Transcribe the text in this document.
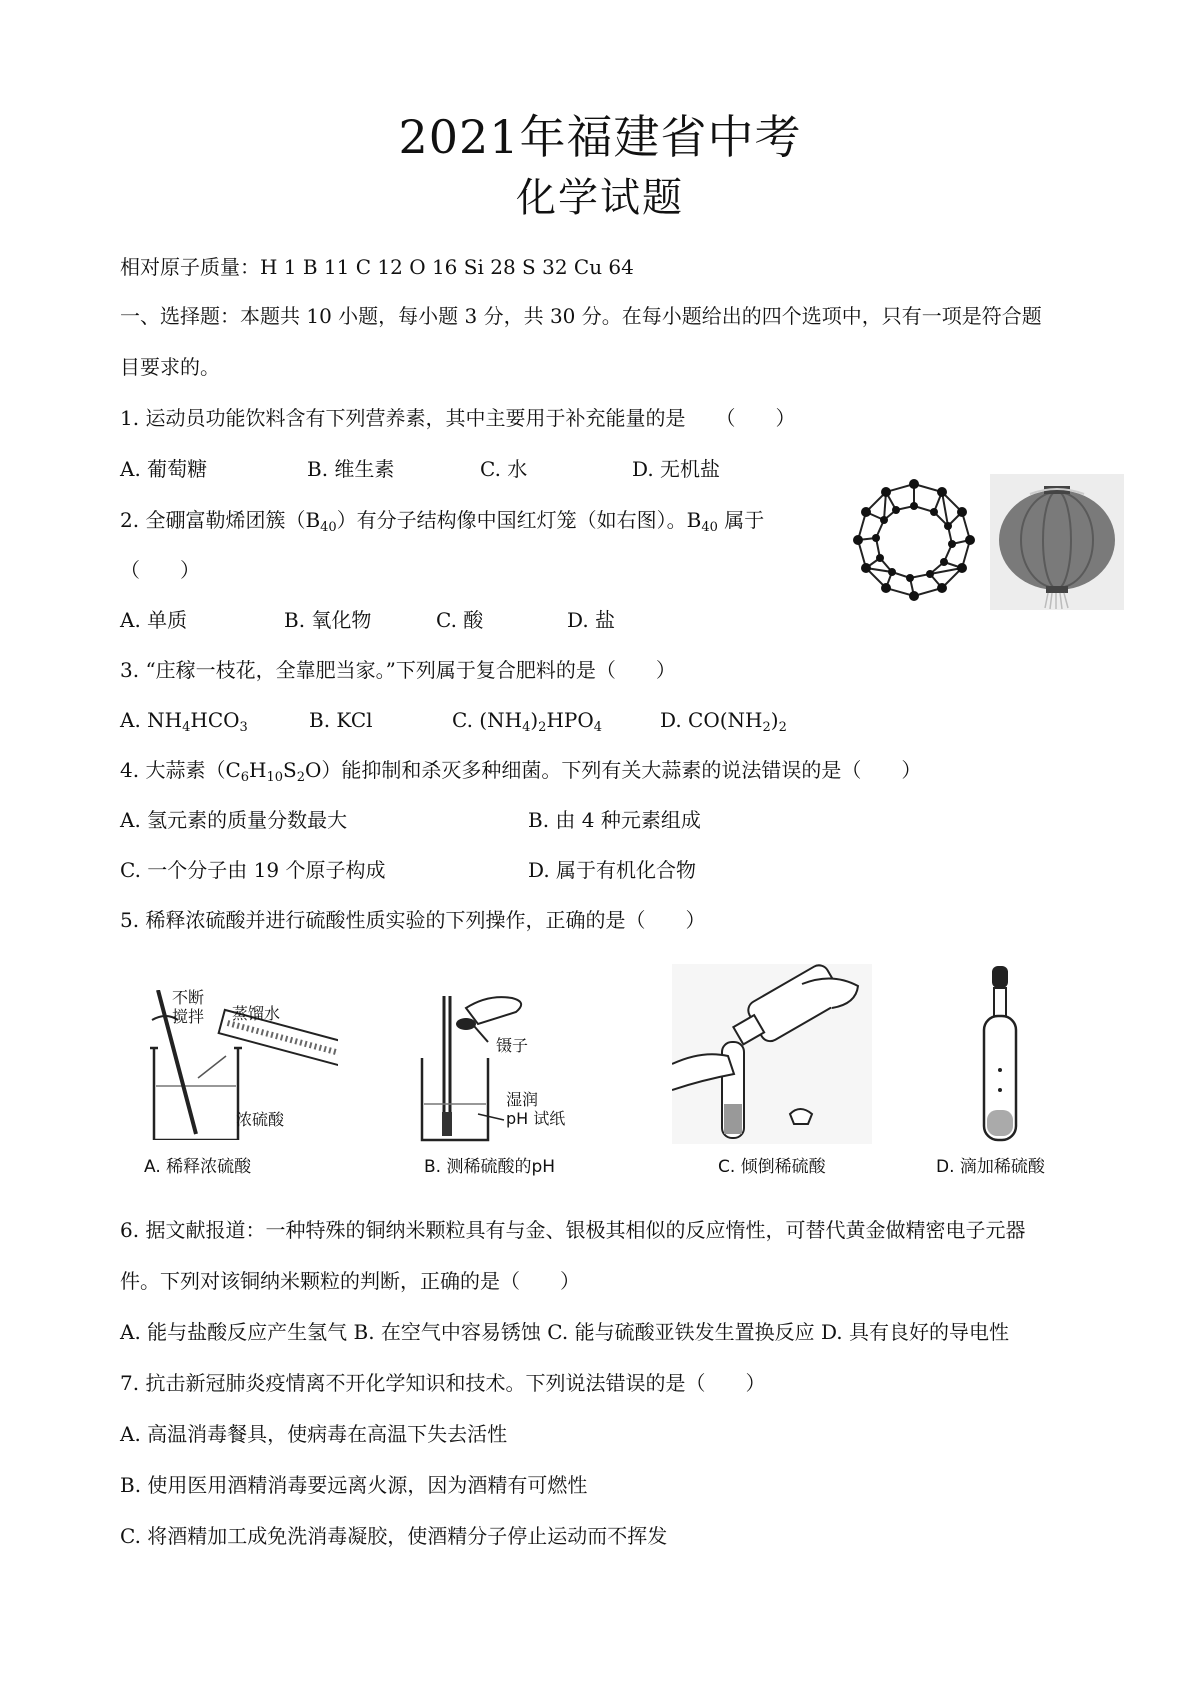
2021年福建省中考
化学试题
相对原子质量：H 1 B 11 C 12 O 16 Si 28 S 32 Cu 64
一、选择题：本题共 10 小题，每小题 3 分，共 30 分。在每小题给出的四个选项中，只有一项是符合题
目要求的。
1. 运动员功能饮料含有下列营养素，其中主要用于补充能量的是　　（　　）
A. 葡萄糖	B. 维生素	C. 水	D. 无机盐
2. 全硼富勒烯团簇$(B_{40})$有分子结构像中国红灯笼（如右图）。$B_{40}$ 属于
（　　）
A. 单质	B. 氧化物	C. 酸	D. 盐
3. “庄稼一枝花，全靠肥当家。”下列属于复合肥料的是（　　）
A. $NH_4HCO_3$	B. KCl	C. $(NH_4)_2HPO_4$	D. $CO(NH_2)_2$
4. 大蒜素$(C_6H_{10}S_2O)$能抑制和杀灭多种细菌。下列有关大蒜素的说法错误的是（　　）
A. 氢元素的质量分数最大	B. 由 4 种元素组成
C. 一个分子由 19 个原子构成	D. 属于有机化合物
5. 稀释浓硫酸并进行硫酸性质实验的下列操作，正确的是（　　）
不断
搅拌 蒸馏水
浓硫酸
A. 稀释浓硫酸
镊子
湿润
pH 试纸
B. 测稀硫酸的pH	C. 倾倒稀硫酸	D. 滴加稀硫酸
6. 据文献报道：一种特殊的铜纳米颗粒具有与金、银极其相似的反应惰性，可替代黄金做精密电子元器
件。下列对该铜纳米颗粒的判断，正确的是（　　）
A. 能与盐酸反应产生氢气 B. 在空气中容易锈蚀 C. 能与硫酸亚铁发生置换反应 D. 具有良好的导电性
7. 抗击新冠肺炎疫情离不开化学知识和技术。下列说法错误的是（　　）
A. 高温消毒餐具，使病毒在高温下失去活性
B. 使用医用酒精消毒要远离火源，因为酒精有可燃性
C. 将酒精加工成免洗消毒凝胶，使酒精分子停止运动而不挥发
